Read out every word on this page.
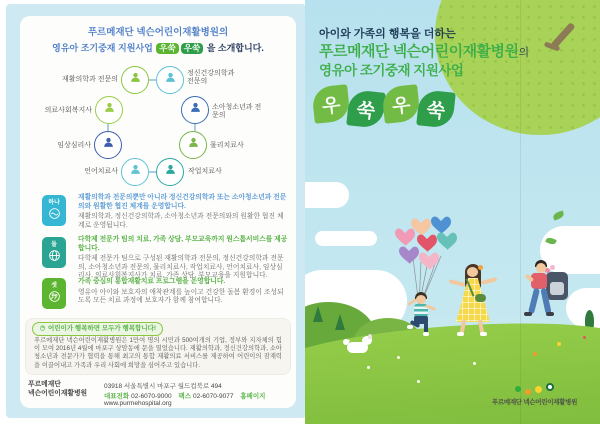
푸르메재단 넥슨어린이재활병원의
영유아 조기중재 지원사업 우쑥 우쑥 을 소개합니다.
재활의학과 전문의
정신건강의학과 전문의
소아청소년과 전문의
물리치료사
작업치료사
언어치료사
임상심리사
의료사회복지사
하나
재활의학과 전문의뿐만 아니라 정신건강의학과 또는 소아청소년과 전문의와 원활한 협진 체계를 운영합니다.
재활의학과, 정신건강의학과, 소아청소년과 전문의와의 원활한 협진 체계로 운영됩니다.
둘
다학제 전문가 팀의 치료, 가족 상담, 부모교육까지 원스톱서비스를 제공합니다.
다학제 전문가 팀으로 구성된 재활의학과 전문의, 정신건강의학과 전문의, 소아청소년과 전문의, 물리치료사, 작업치료사, 언어치료사, 임상심리사, 의료사회복지사가 치료, 가족 상담, 부모교육을 지원합니다.
셋
가족 중심의 통합재활치료 프로그램을 운영합니다.
영유아 아이와 보호자의 애착관계를 높이고 건강한 돌봄 환경이 조성되도록 모든 치료 과정에 보호자가 함께 참여합니다.
어린이가 행복하면 모두가 행복합니다!
푸르메재단 넥슨어린이재활병원은 1만여 명의 시민과 500여개의 기업, 정부와 지자체의 힘이 모여 2016년 4월에 마포구 상암동에 문을 열었습니다. 재활의학과, 정신건강의학과, 소아청소년과 전문가가 협력을 통해 최고의 통합 재활의료 서비스를 제공하여 어린이의 잠재력을 이끌어내고 가족과 우리 사회에 희망을 심어주고 있습니다.
푸르메재단
넥슨어린이재활병원
03918 서울특별시 마포구 월드컵북로 494
대표전화 02-6070-9000 팩스 02-6070-9077 홈페이지www.purmehospital.org
아이와 가족의 행복을 더하는
푸르메재단 넥슨어린이재활병원의
영유아 조기중재 지원사업
우 쑥 우 쑥
푸르메재단 넥슨어린이재활병원
